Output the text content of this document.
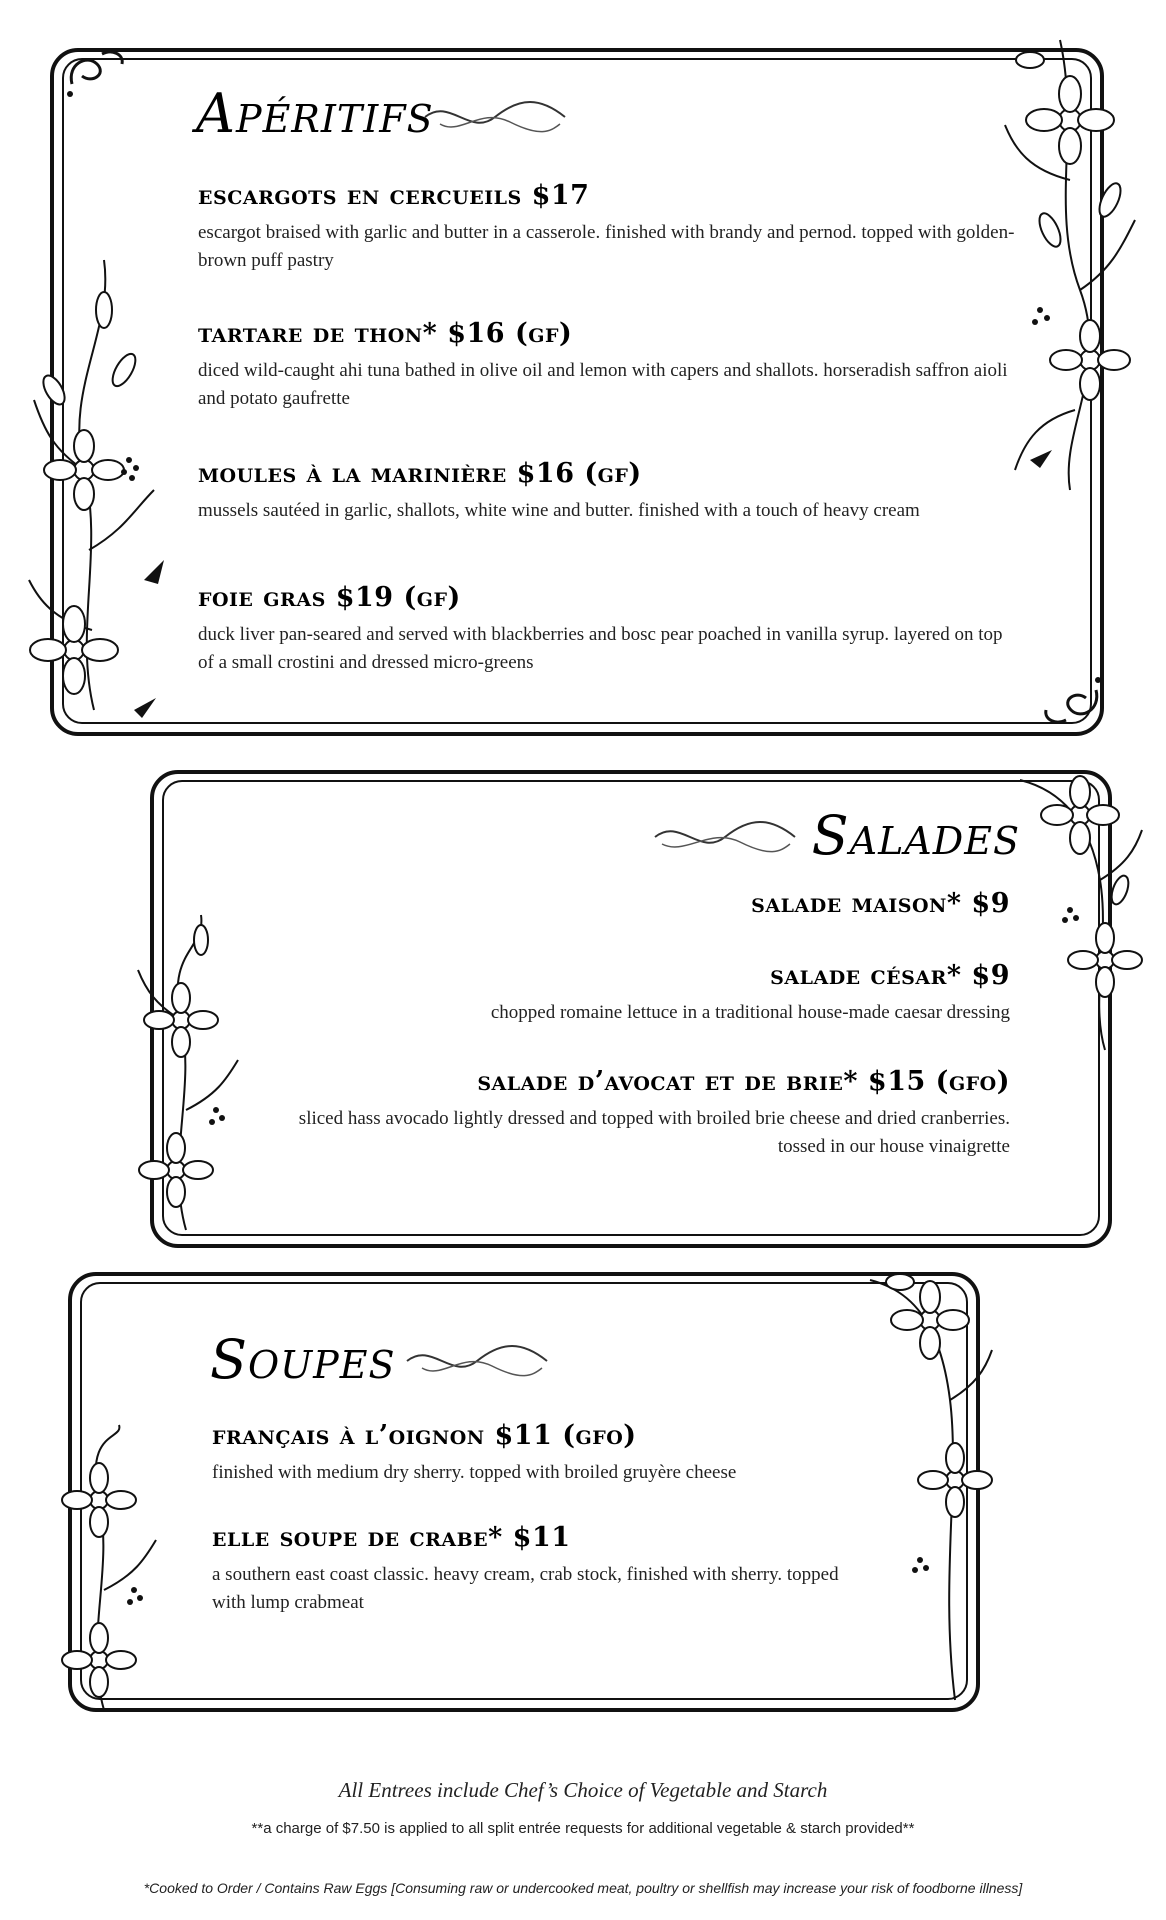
Apéritifs

escargots en cercueils $17

escargot braised with garlic and butter in a casserole. finished with brandy and pernod. topped with golden-brown puff pastry

tartare de thon* $16 (gf)

diced wild-caught ahi tuna bathed in olive oil and lemon with capers and shallots. horseradish saffron aioli and potato gaufrette

moules à la marinière $16 (gf)

mussels sautéed in garlic, shallots, white wine and butter. finished with a touch of heavy cream

foie gras $19 (gf)

duck liver pan-seared and served with blackberries and bosc pear poached in vanilla syrup. layered on top of a small crostini and dressed micro-greens

Salades

salade maison* $9

salade césar* $9

chopped romaine lettuce in a traditional house-made caesar dressing

salade d’avocat et de brie* $15 (gfo)

sliced hass avocado lightly dressed and topped with broiled brie cheese and dried cranberries. tossed in our house vinaigrette

Soupes

français à l’oignon $11 (gfo)

finished with medium dry sherry. topped with broiled gruyère cheese

elle soupe de crabe* $11

a southern east coast classic. heavy cream, crab stock, finished with sherry. topped with lump crabmeat

All Entrees include Chef’s Choice of Vegetable and Starch
**a charge of $7.50 is applied to all split entrée requests for additional vegetable & starch provided**
*Cooked to Order / Contains Raw Eggs [Consuming raw or undercooked meat, poultry or shellfish may increase your risk of foodborne illness]
